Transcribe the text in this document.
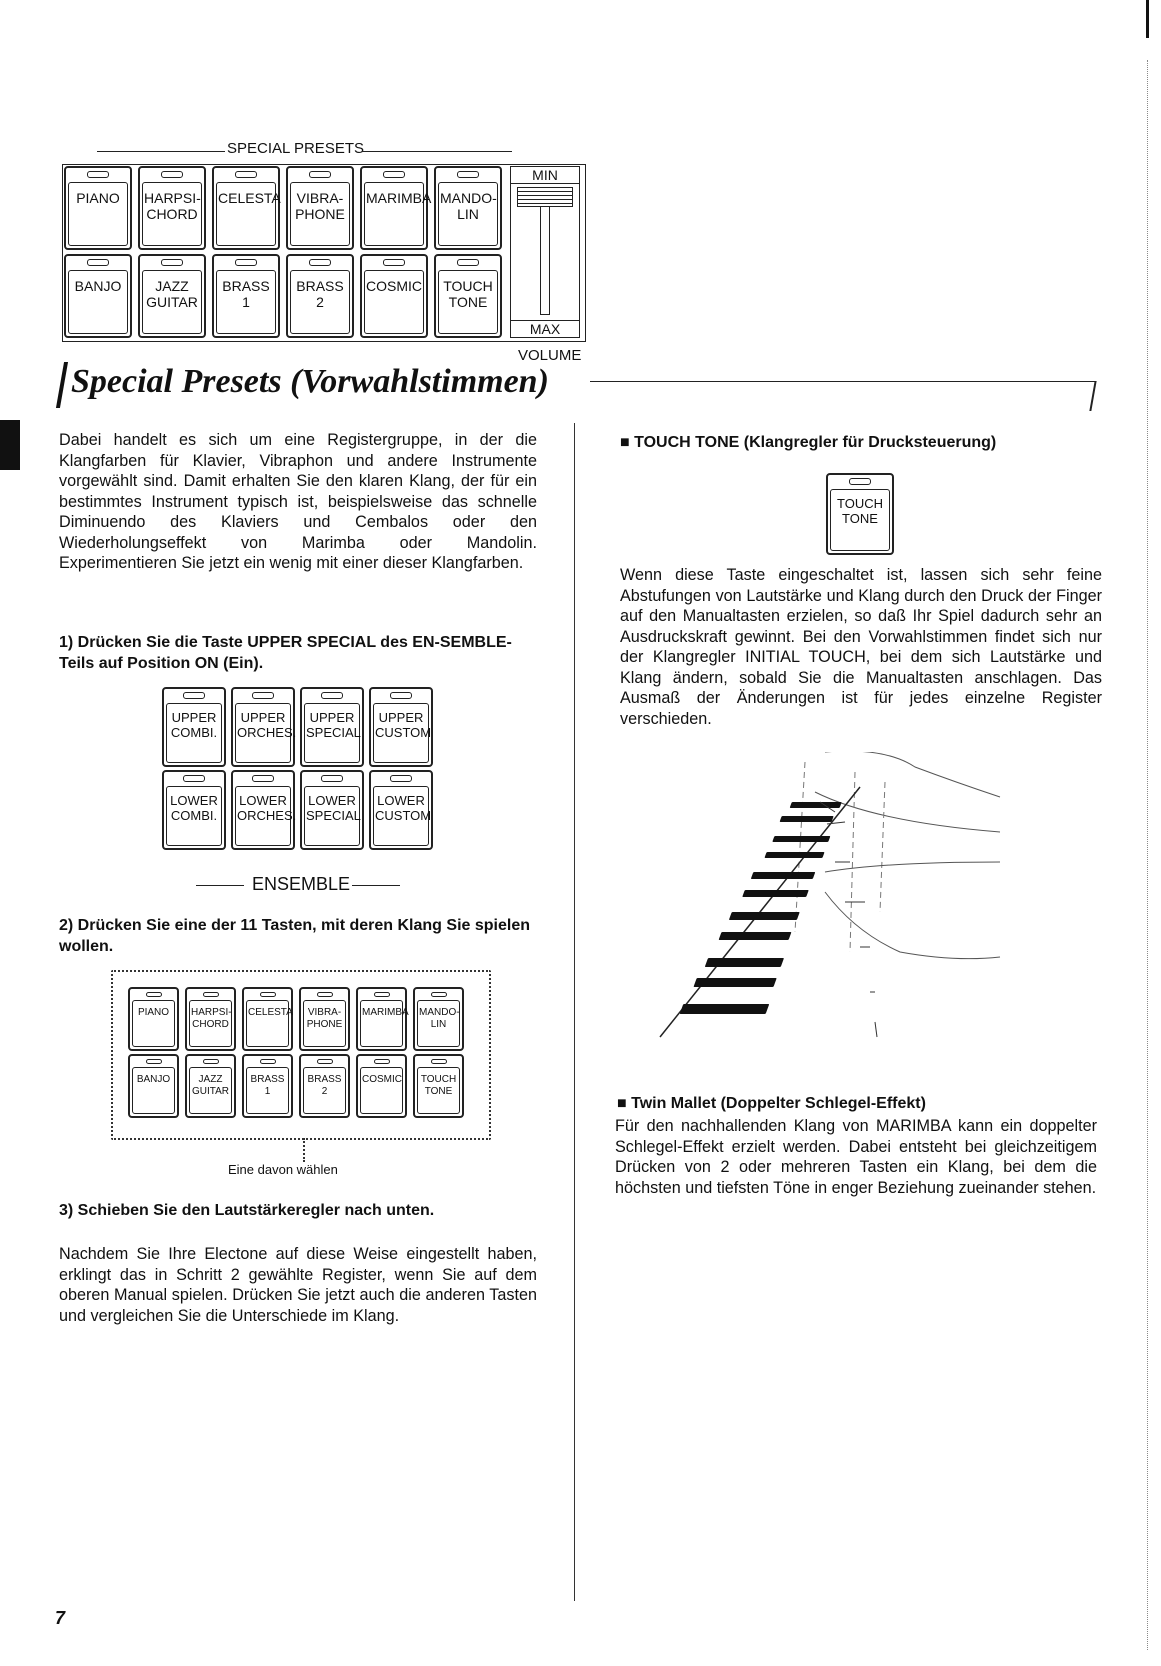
SPECIAL PRESETS
PIANO	HARPSI-
CHORD
CELESTA	VIBRA-
PHONE
MARIMBA MANDO-
LIN
BANJO	JAZZ
GUITAR
BRASS
1
BRASS
2
COSMIC TOUCH
TONE
MIN
MAX
VOLUME
Special Presets (Vorwahlstimmen)
Dabei handelt es sich um eine Registergruppe, in der die Klangfarben für Klavier, Vibraphon und andere Instrumente vorgewählt sind. Damit erhalten Sie den klaren Klang, der für ein bestimmtes Instrument typisch ist, beispielsweise das schnelle Diminuendo des Klaviers und Cembalos oder den Wiederholungseffekt von Marimba oder Mandolin. Experimentieren Sie jetzt ein wenig mit einer dieser Klangfarben.
1) Drücken Sie die Taste UPPER SPECIAL des EN-SEMBLE-Teils auf Position ON (Ein).
UPPER
COMBI.
UPPER
ORCHES.
UPPER
SPECIAL
UPPER
CUSTOM
LOWER
COMBI.
LOWER
ORCHES.
LOWER
SPECIAL
LOWER
CUSTOM
ENSEMBLE
2) Drücken Sie eine der 11 Tasten, mit deren Klang Sie spielen wollen.
PIANO	HARPSI-
CHORD
CELESTA VIBRA-
PHONE
MARIMBA MANDO-
LIN
BANJO	JAZZ
GUITAR
BRASS
1
BRASS
2
COSMIC TOUCH
TONE
Eine davon wählen
3) Schieben Sie den Lautstärkeregler nach unten.
Nachdem Sie Ihre Electone auf diese Weise eingestellt haben, erklingt das in Schritt 2 gewählte Register, wenn Sie auf dem oberen Manual spielen. Drücken Sie jetzt auch die anderen Tasten und vergleichen Sie die Unterschiede im Klang.
■ TOUCH TONE (Klangregler für Drucksteuerung)
TOUCH
TONE
Wenn diese Taste eingeschaltet ist, lassen sich sehr feine Abstufungen von Lautstärke und Klang durch den Druck der Finger auf den Manualtasten erzielen, so daß Ihr Spiel dadurch sehr an Ausdruckskraft gewinnt. Bei den Vorwahlstimmen findet sich nur der Klangregler INITIAL TOUCH, bei dem sich Lautstärke und Klang ändern, sobald Sie die Manualtasten anschlagen. Das Ausmaß der Änderungen ist für jedes einzelne Register verschieden.
■ Twin Mallet (Doppelter Schlegel-Effekt)
Für den nachhallenden Klang von MARIMBA kann ein doppelter Schlegel-Effekt erzielt werden. Dabei entsteht bei gleichzeitigem Drücken von 2 oder mehreren Tasten ein Klang, bei dem die höchsten und tiefsten Töne in enger Beziehung zueinander stehen.
7
